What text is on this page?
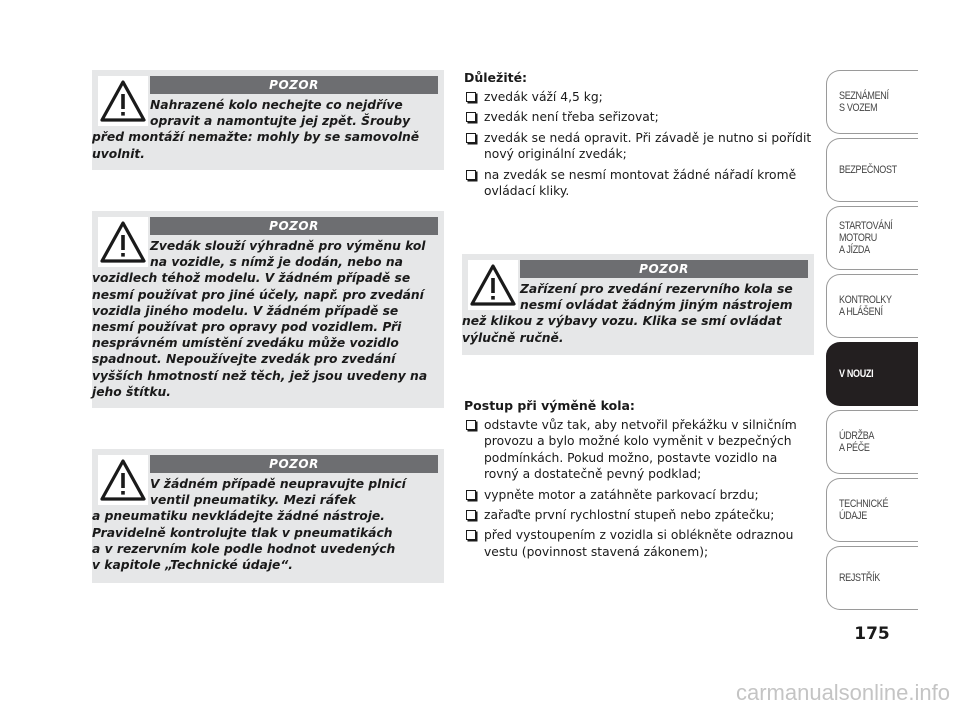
POZOR
Nahrazené kolo nechejte co nejdříve
opravit a namontujte jej zpět. Šrouby
před montáží nemažte: mohly by se samovolně
uvolnit.
POZOR
Zvedák slouží výhradně pro výměnu kol
na vozidle, s nímž je dodán, nebo na
vozidlech téhož modelu. V žádném případě se
nesmí používat pro jiné účely, např. pro zvedání
vozidla jiného modelu. V žádném případě se
nesmí používat pro opravy pod vozidlem. Při
nesprávném umístění zvedáku může vozidlo
spadnout. Nepoužívejte zvedák pro zvedání
vyšších hmotností než těch, jež jsou uvedeny na
jeho štítku.
POZOR
V žádném případě neupravujte plnicí
ventil pneumatiky. Mezi ráfek
a pneumatiku nevkládejte žádné nástroje.
Pravidelně kontrolujte tlak v pneumatikách
a v rezervním kole podle hodnot uvedených
v kapitole „Technické údaje“.
POZOR
Zařízení pro zvedání rezervního kola se
nesmí ovládat žádným jiným nástrojem
než klikou z výbavy vozu. Klika se smí ovládat
výlučně ručně.
Důležité:
zvedák váží 4,5 kg;
zvedák není třeba seřizovat;
zvedák se nedá opravit. Při závadě je nutno si pořídit nový originální zvedák;
na zvedák se nesmí montovat žádné nářadí kromě ovládací kliky.
Postup při výměně kola:
odstavte vůz tak, aby netvořil překážku v silničním provozu a bylo možné kolo vyměnit v bezpečných podmínkách. Pokud možno, postavte vozidlo na rovný a dostatečně pevný podklad;
vypněte motor a zatáhněte parkovací brzdu;
zařaďte první rychlostní stupeň nebo zpátečku;
před vystoupením z vozidla si oblékněte odraznou vestu (povinnost stavená zákonem);
SEZNÁMENÍ
S VOZEM
BEZPEČNOST
STARTOVÁNÍ
MOTORU
A JÍZDA
KONTROLKY
A HLÁŠENÍ
V NOUZI
ÚDRŽBA
A PÉČE
TECHNICKÉ
ÚDAJE
REJSTŘÍK
175
carmanualsonline.info
